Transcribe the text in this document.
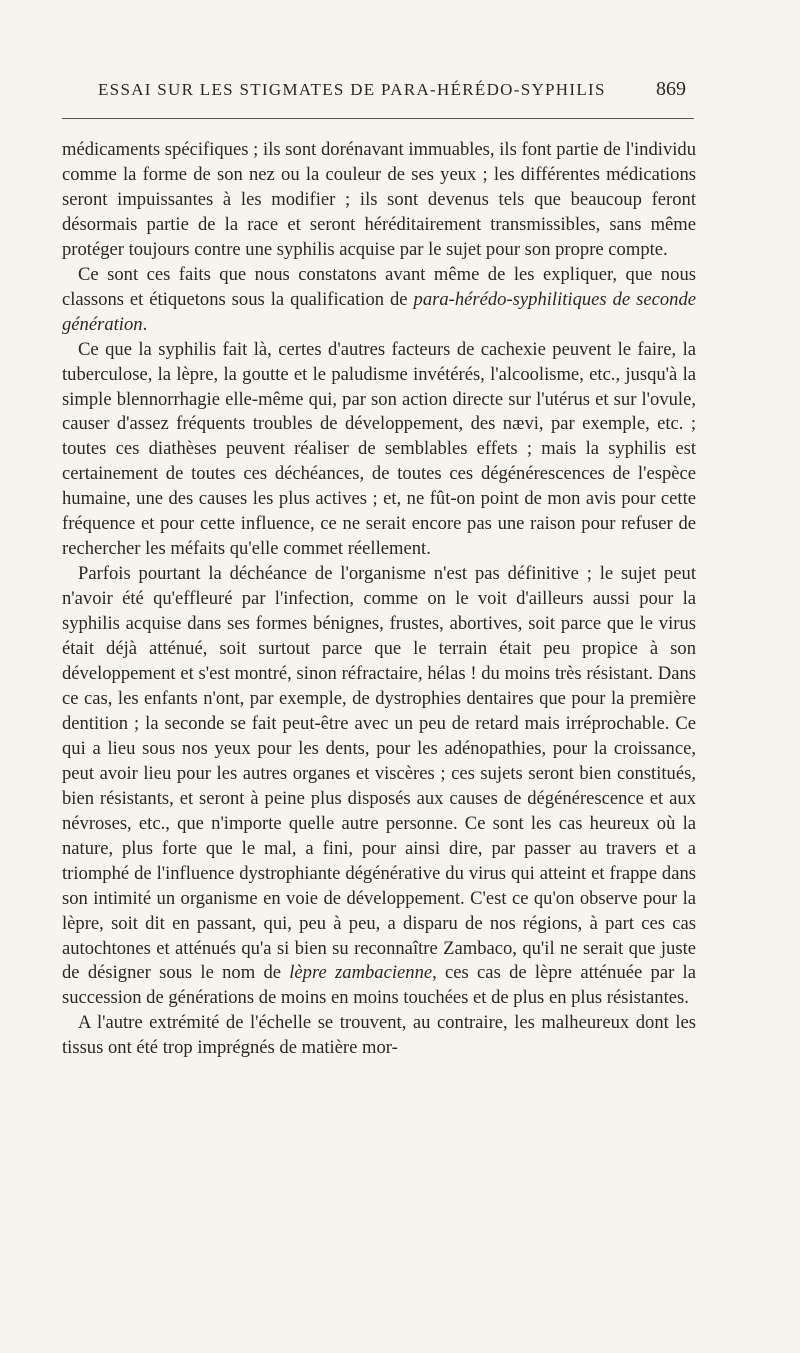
ESSAI SUR LES STIGMATES DE PARA-HÉRÉDO-SYPHILIS	869

médicaments spécifiques ; ils sont dorénavant immuables, ils font partie de l'individu comme la forme de son nez ou la couleur de ses yeux ; les différentes médications seront impuissantes à les modifier ; ils sont devenus tels que beaucoup feront désormais partie de la race et seront héréditairement transmissibles, sans même protéger toujours contre une syphilis acquise par le sujet pour son propre compte.

Ce sont ces faits que nous constatons avant même de les expliquer, que nous classons et étiquetons sous la qualification de para-hérédo-syphilitiques de seconde génération.

Ce que la syphilis fait là, certes d'autres facteurs de cachexie peuvent le faire, la tuberculose, la lèpre, la goutte et le paludisme invétérés, l'alcoolisme, etc., jusqu'à la simple blennorrhagie elle-même qui, par son action directe sur l'utérus et sur l'ovule, causer d'assez fréquents troubles de développement, des nævi, par exemple, etc. ; toutes ces diathèses peuvent réaliser de semblables effets ; mais la syphilis est certainement de toutes ces déchéances, de toutes ces dégénérescences de l'espèce humaine, une des causes les plus actives ; et, ne fût-on point de mon avis pour cette fréquence et pour cette influence, ce ne serait encore pas une raison pour refuser de rechercher les méfaits qu'elle commet réellement.

Parfois pourtant la déchéance de l'organisme n'est pas définitive ; le sujet peut n'avoir été qu'effleuré par l'infection, comme on le voit d'ailleurs aussi pour la syphilis acquise dans ses formes bénignes, frustes, abortives, soit parce que le virus était déjà atténué, soit surtout parce que le terrain était peu propice à son développement et s'est montré, sinon réfractaire, hélas ! du moins très résistant. Dans ce cas, les enfants n'ont, par exemple, de dystrophies dentaires que pour la première dentition ; la seconde se fait peut-être avec un peu de retard mais irréprochable. Ce qui a lieu sous nos yeux pour les dents, pour les adénopathies, pour la croissance, peut avoir lieu pour les autres organes et viscères ; ces sujets seront bien constitués, bien résistants, et seront à peine plus disposés aux causes de dégénérescence et aux névroses, etc., que n'importe quelle autre personne. Ce sont les cas heureux où la nature, plus forte que le mal, a fini, pour ainsi dire, par passer au travers et a triomphé de l'influence dystrophiante dégénérative du virus qui atteint et frappe dans son intimité un organisme en voie de développement. C'est ce qu'on observe pour la lèpre, soit dit en passant, qui, peu à peu, a disparu de nos régions, à part ces cas autochtones et atténués qu'a si bien su reconnaître Zambaco, qu'il ne serait que juste de désigner sous le nom de lèpre zambacienne, ces cas de lèpre atténuée par la succession de générations de moins en moins touchées et de plus en plus résistantes.

A l'autre extrémité de l'échelle se trouvent, au contraire, les malheureux dont les tissus ont été trop imprégnés de matière mor-
